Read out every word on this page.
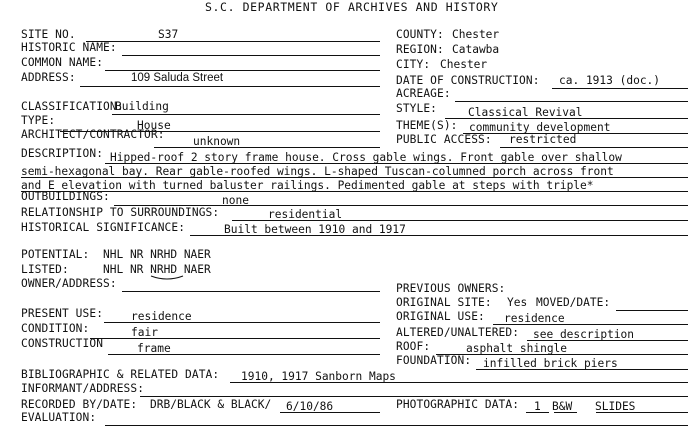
S.C. DEPARTMENT OF ARCHIVES AND HISTORY
SITE NO.	S37
HISTORIC NAME:
COMMON NAME:
ADDRESS:	109 Saluda Street
CLASSIFICATION:
Building
TYPE:	House
ARCHITECT/CONTRACTOR:
unknown
COUNTY: Chester
REGION: Catawba
CITY: Chester
DATE OF CONSTRUCTION: ca. 1913 (doc.)
ACREAGE:
STYLE:	Classical Revival
THEME(S): community development
PUBLIC ACCESS: restricted
DESCRIPTION: Hipped-roof 2 story frame house. Cross gable wings. Front gable over shallow
semi-hexagonal bay. Rear gable-roofed wings. L-shaped Tuscan-columned porch across front
and E elevation with turned baluster railings. Pedimented gable at steps with triple*
OUTBUILDINGS:	none
RELATIONSHIP TO SURROUNDINGS:	residential
HISTORICAL SIGNIFICANCE:	Built between 1910 and 1917
POTENTIAL: NHL NR NRHD NAER
LISTED:	NHL NR NRHD NAER
OWNER/ADDRESS:	PREVIOUS OWNERS:
ORIGINAL SITE: Yes MOVED/DATE:
PRESENT USE: residence	ORIGINAL USE: residence
CONDITION:	fair	ALTERED/UNALTERED: see description
CONSTRUCTION	frame	ROOF:	asphalt shingle
FOUNDATION: infilled brick piers
BIBLIOGRAPHIC & RELATED DATA: 1910, 1917 Sanborn Maps
INFORMANT/ADDRESS:
RECORDED BY/DATE: DRB/BLACK & BLACK/ 6/10/86	PHOTOGRAPHIC DATA: 1 B&W SLIDES
EVALUATION:
